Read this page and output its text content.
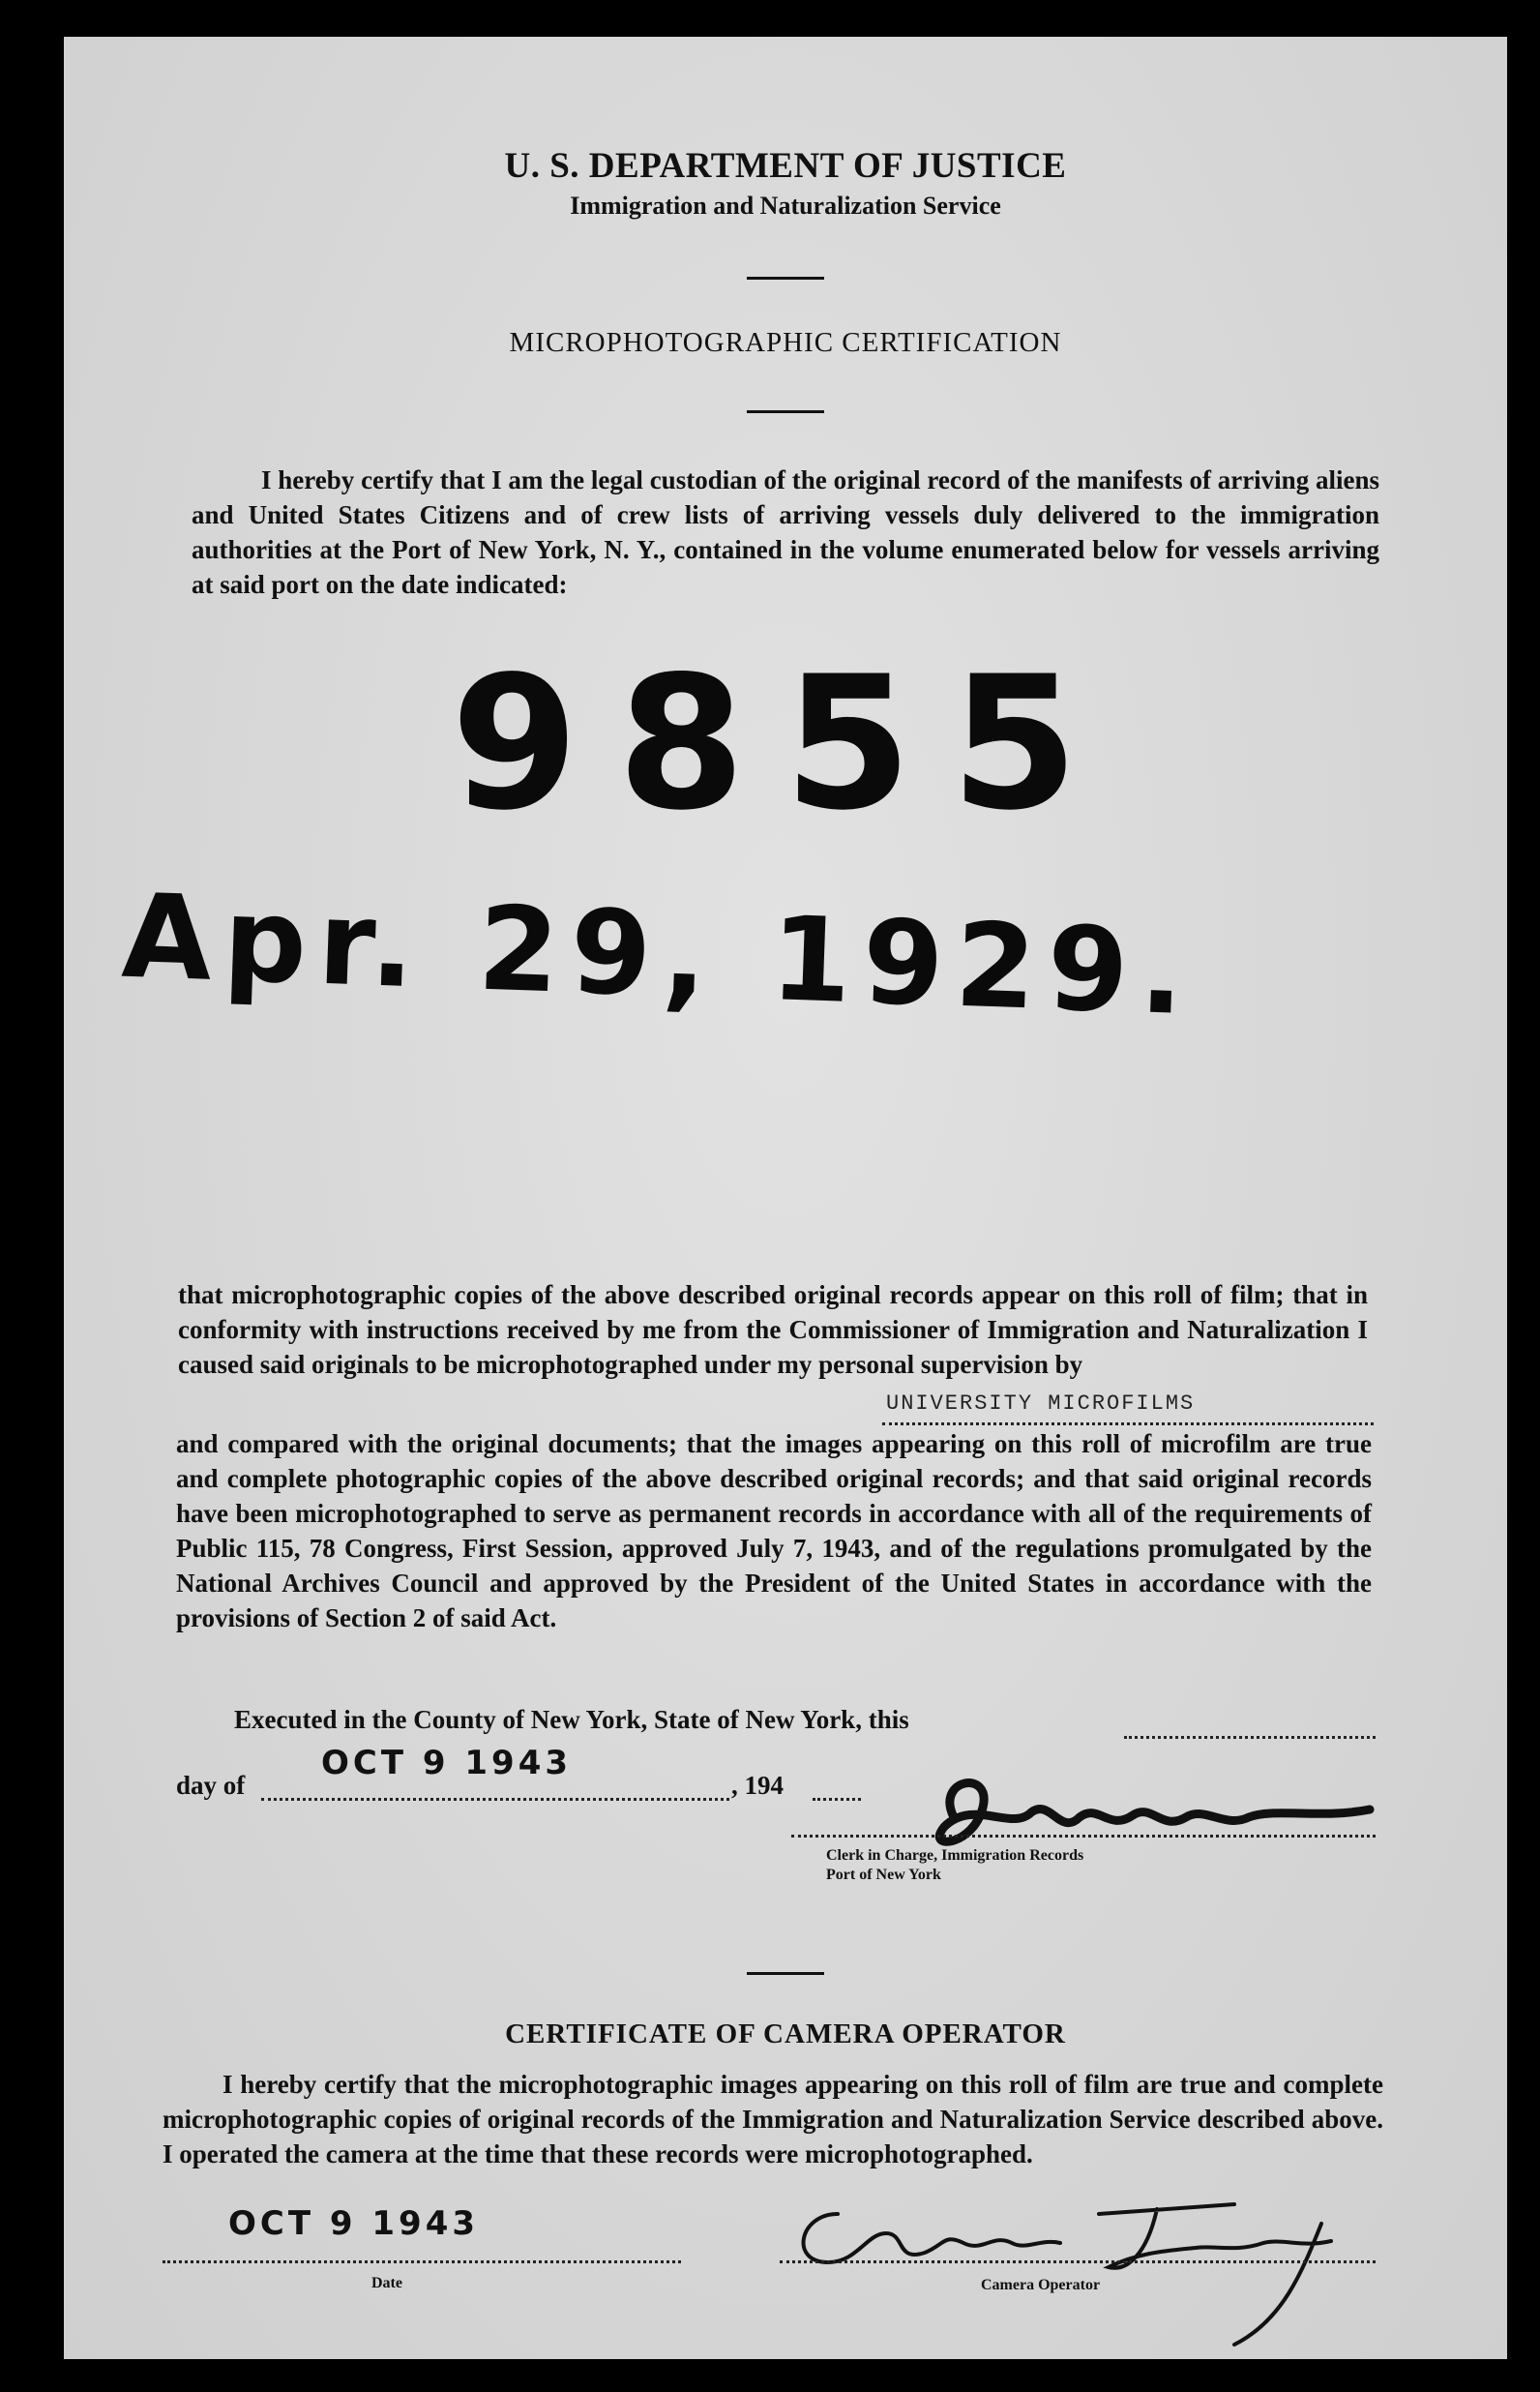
U. S. DEPARTMENT OF JUSTICE
Immigration and Naturalization Service
MICROPHOTOGRAPHIC CERTIFICATION

I hereby certify that I am the legal custodian of the original record of the manifests of arriving aliens and United States Citizens and of crew lists of arriving vessels duly delivered to the immigration authorities at the Port of New York, N. Y., contained in the volume enumerated below for vessels arriving at said port on the date indicated:

9855
Apr. 29, 1929.

that microphotographic copies of the above described original records appear on this roll of film; that in conformity with instructions received by me from the Commissioner of Immigration and Naturalization I caused said originals to be microphotographed under my personal supervision by

UNIVERSITY MICROFILMS

and compared with the original documents; that the images appearing on this roll of microfilm are true and complete photographic copies of the above described original records; and that said original records have been microphotographed to serve as permanent records in accordance with all of the requirements of Public 115, 78 Congress, First Session, approved July 7, 1943, and of the regulations promulgated by the National Archives Council and approved by the President of the United States in accordance with the provisions of Section 2 of said Act.

Executed in the County of New York, State of New York, this
day of
OCT 9 1943
, 194
Clerk in Charge, Immigration Records
Port of New York
CERTIFICATE OF CAMERA OPERATOR

I hereby certify that the microphotographic images appearing on this roll of film are true and complete microphotographic copies of original records of the Immigration and Naturalization Service described above. I operated the camera at the time that these records were microphotographed.

OCT 9 1943
Date	Camera Operator
